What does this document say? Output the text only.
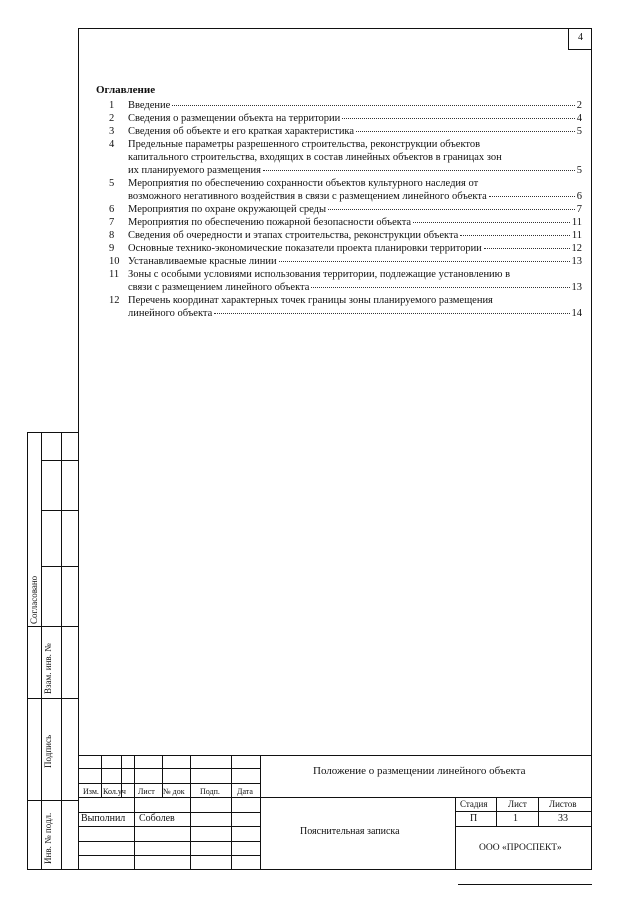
4
Оглавление
1	Введение	2
2	Сведения о размещении объекта на территории	4
3	Сведения об объекте и его краткая характеристика	5
4	Предельные параметры разрешенного строительства, реконструкции объектов
капитального строительства, входящих в состав линейных объектов в границах зон
их планируемого размещения	5
5	Мероприятия по обеспечению сохранности объектов культурного наследия от
возможного негативного воздействия в связи с размещением линейного объекта	6
6	Мероприятия по охране окружающей среды	7
7	Мероприятия по обеспечению пожарной безопасности объекта	11
8	Сведения об очередности и этапах строительства, реконструкции объекта	11
9	Основные технико-экономические показатели проекта планировки территории	12
10 Устанавливаемые красные линии	13
11 Зоны с особыми условиями использования территории, подлежащие установлению в
связи с размещением линейного объекта	13
12 Перечень координат характерных точек границы зоны планируемого размещения
линейного объекта	14
Согласовано
Взам. инв. №
Подпись
Инв. № подл.
Изм. Кол.уч Лист № док Подп. Дата
Положение о размещении линейного объекта
Выполнил Соболев
Пояснительная записка
Стадия Лист Листов
П	1	33
ООО «ПРОСПЕКТ»
